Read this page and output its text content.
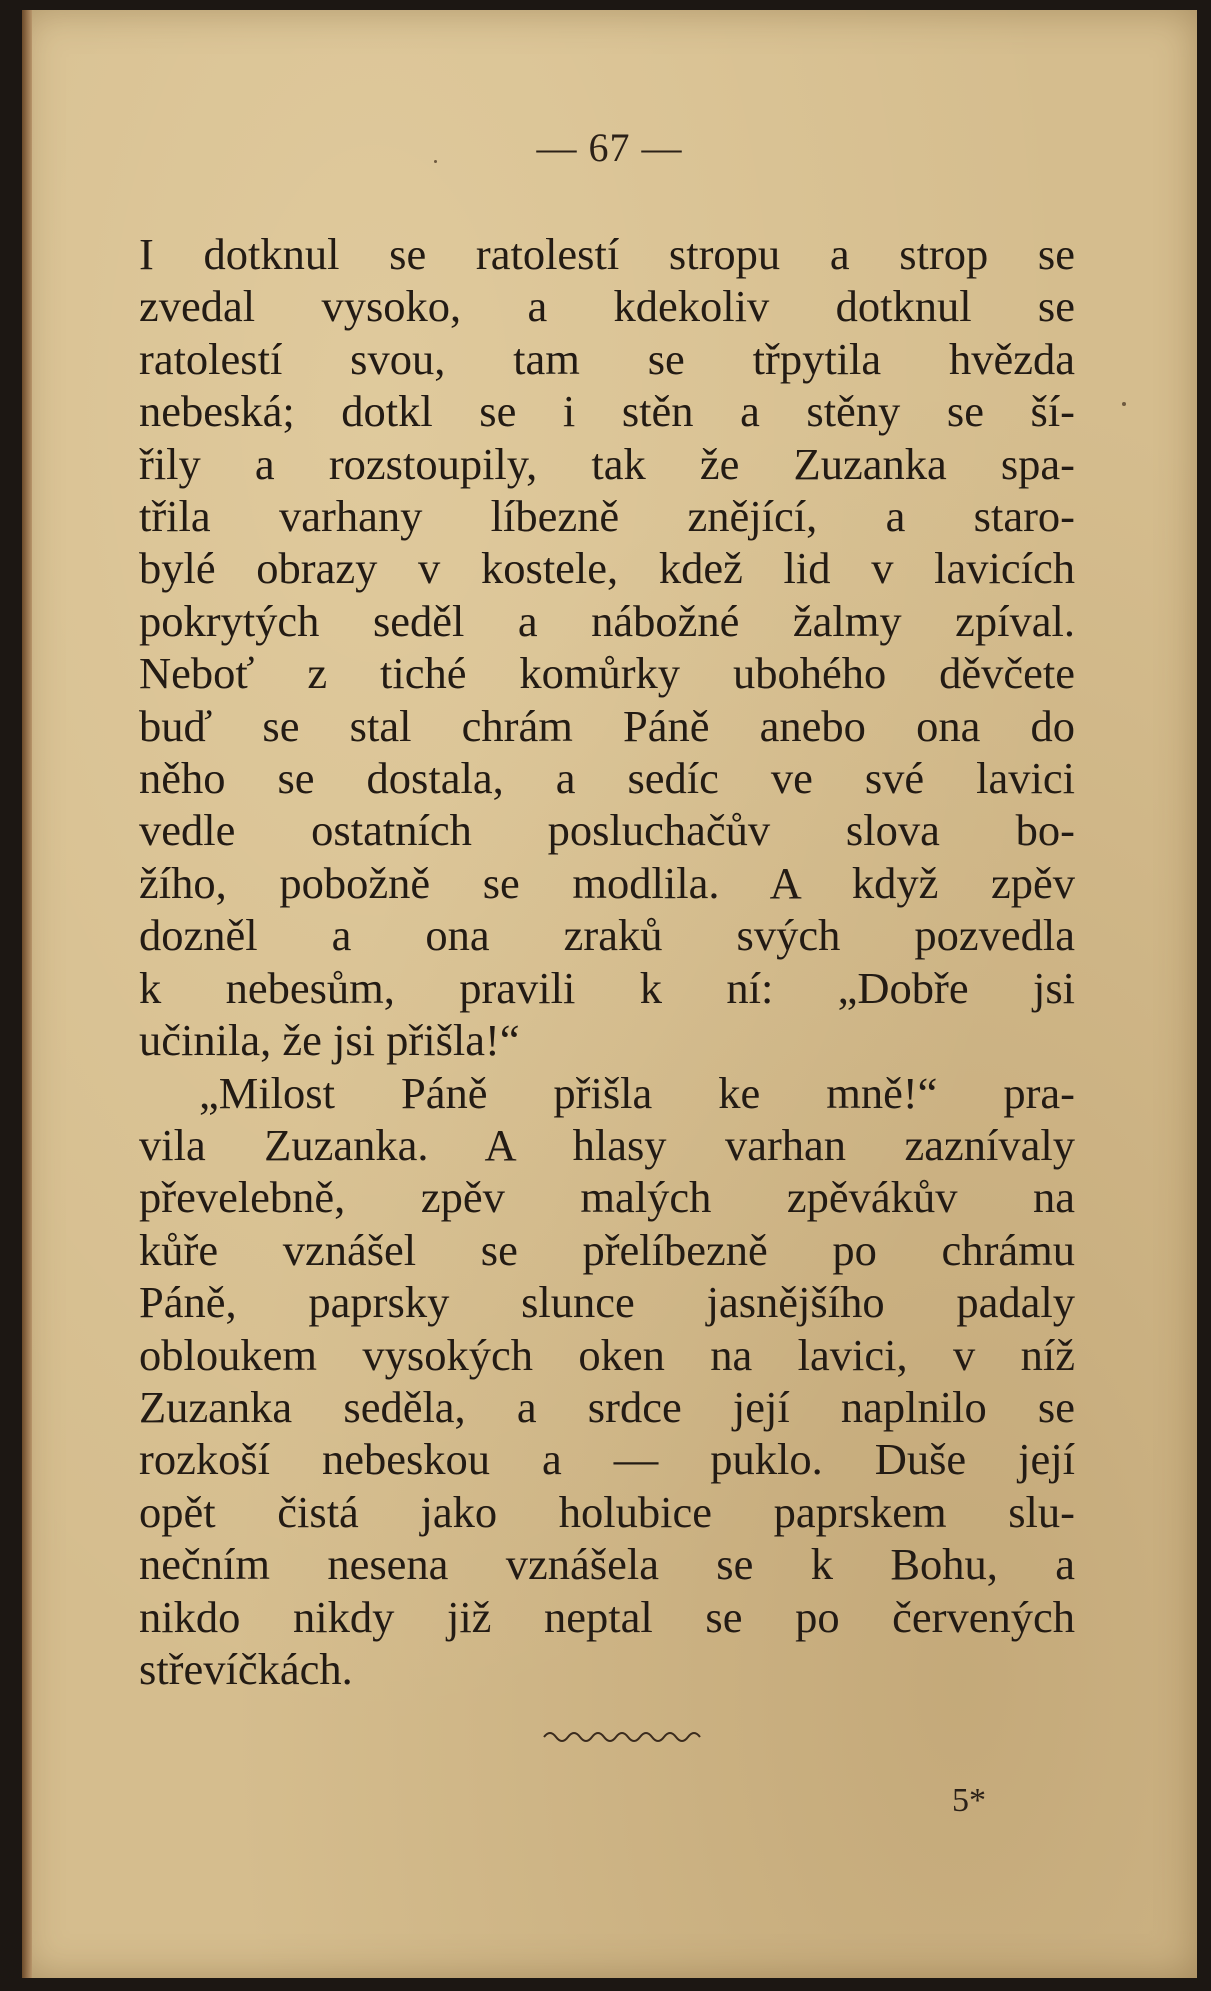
— 67 —
I dotknul se ratolestí stropu a strop se
zvedal vysoko, a kdekoliv dotknul se
ratolestí svou, tam se třpytila hvězda
nebeská; dotkl se i stěn a stěny se ší-
řily a rozstoupily, tak že Zuzanka spa-
třila varhany líbezně znějící, a staro-
bylé obrazy v kostele, kdež lid v lavicích
pokrytých seděl a nábožné žalmy zpíval.
Neboť z tiché komůrky ubohého děvčete
buď se stal chrám Páně anebo ona do
něho se dostala, a sedíc ve své lavici
vedle ostatních posluchačův slova bo-
žího, pobožně se modlila. A když zpěv
dozněl a ona zraků svých pozvedla
k nebesům, pravili k ní: „Dobře jsi
učinila, že jsi přišla!“
„Milost Páně přišla ke mně!“ pra-
vila Zuzanka. A hlasy varhan zaznívaly
převelebně, zpěv malých zpěvákův na
kůře vznášel se přelíbezně po chrámu
Páně, paprsky slunce jasnějšího padaly
obloukem vysokých oken na lavici, v níž
Zuzanka seděla, a srdce její naplnilo se
rozkoší nebeskou a — puklo. Duše její
opět čistá jako holubice paprskem slu-
nečním nesena vznášela se k Bohu, a
nikdo nikdy již neptal se po červených
střevíčkách.
5*
